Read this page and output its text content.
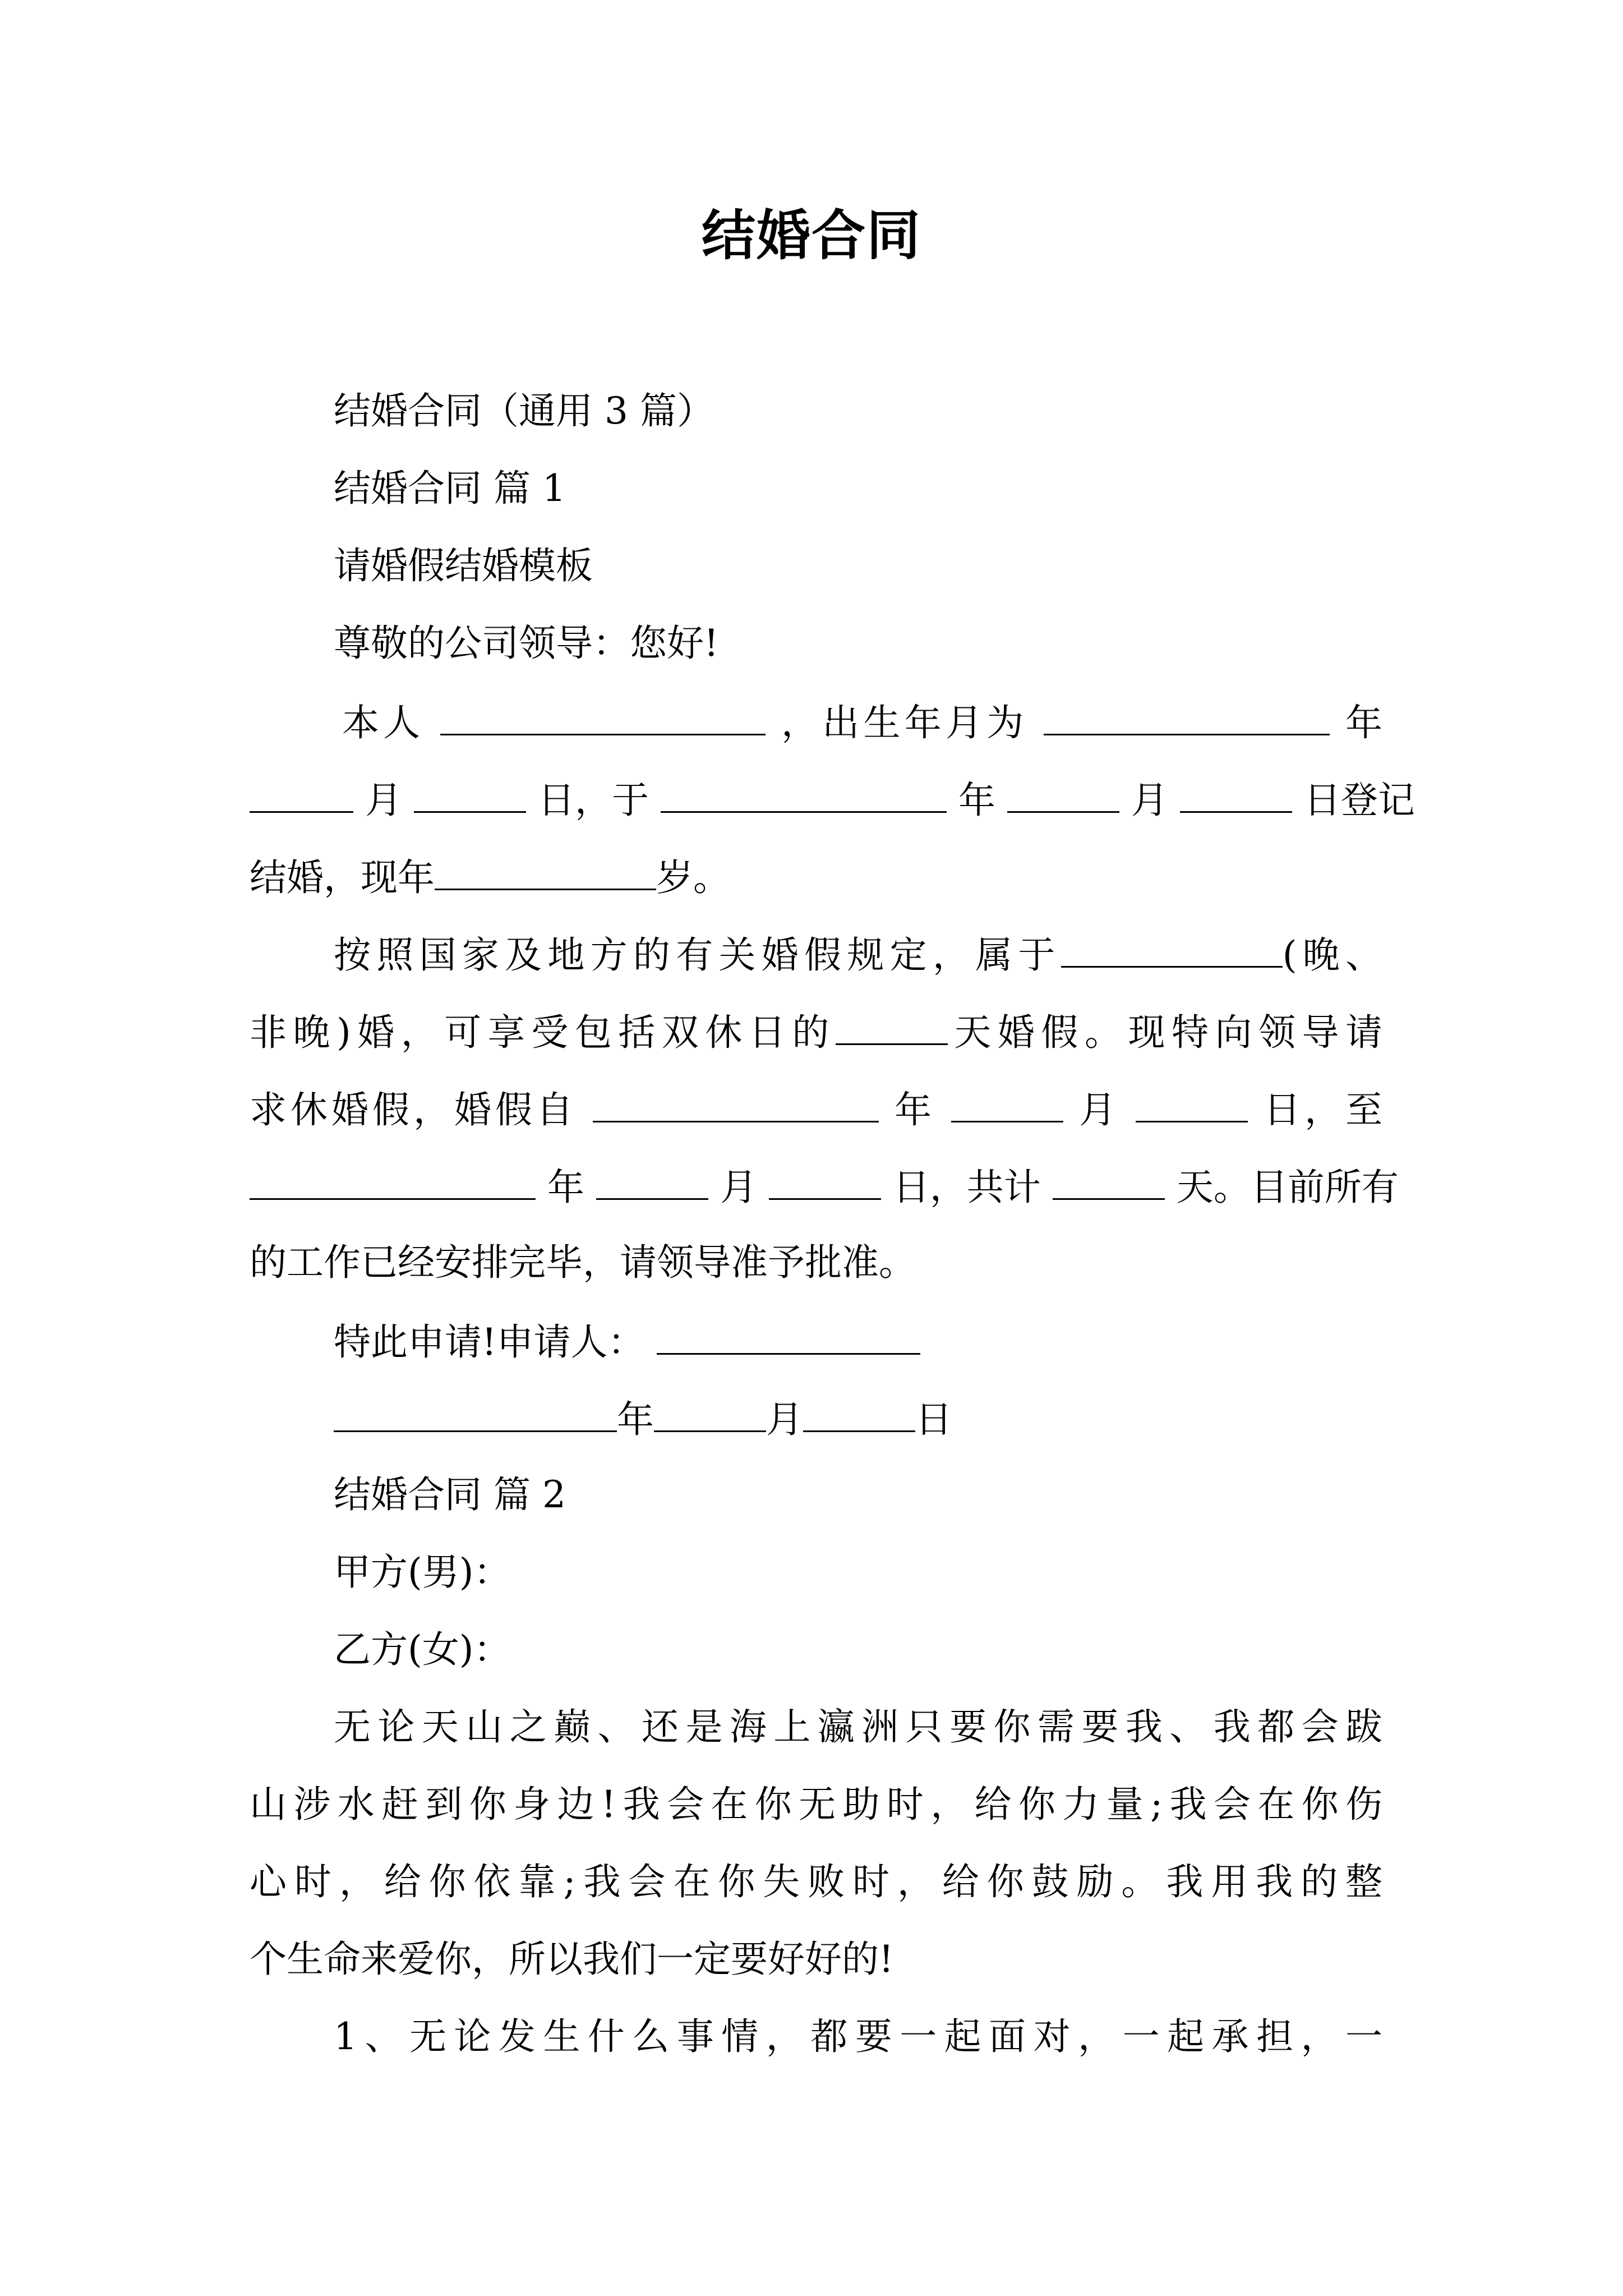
结婚合同
结婚合同（通用 3 篇）
结婚合同 篇 1
请婚假结婚模板
尊敬的公司领导：您好!
本人	，出生年月为	年
月	日，于	年	月	日登记
结婚，现年	岁。
按照国家及地方的有关婚假规定，属于	(晚、
非晚)婚，可享受包括双休日的	天婚假。现特向领导请
求休婚假，婚假自	年	月	日，至
年	月	日，共计	天。目前所有
的工作已经安排完毕，请领导准予批准。
特此申请!申请人：
年	月	日
结婚合同 篇 2
甲方(男)：
乙方(女)：
无论天山之巅、还是海上瀛洲只要你需要我、我都会跋
山涉水赶到你身边!我会在你无助时，给你力量;我会在你伤
心时，给你依靠;我会在你失败时，给你鼓励。我用我的整
个生命来爱你，所以我们一定要好好的!
1、无论发生什么事情，都要一起面对，一起承担，一
